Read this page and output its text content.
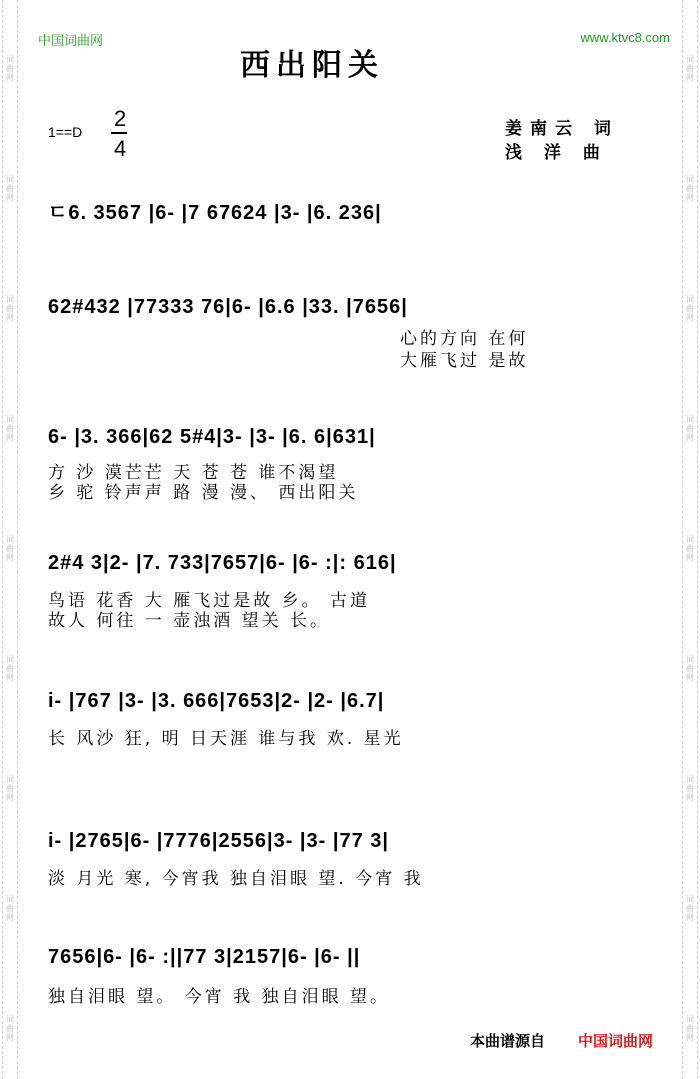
词曲网
词曲网
词曲网
词曲网
词曲网
词曲网
词曲网
词曲网
词曲网
词曲网
词曲网
词曲网
词曲网
词曲网
词曲网
词曲网
词曲网
词曲网
中国词曲网	www.ktvc8.com
西出阳关
1==D
2
4
姜南云 词
浅 洋 曲
ㄷ6. 3567 |6- |7 67624 |3- |6. 236|
62#432 |77333 76|6- |6.6 |33. |7656|
心的方向 在何
大雁飞过 是故
6- |3. 366|62 5#4|3- |3- |6. 6|631|
方 沙 漠芒芒 天 苍 苍 谁不渴望
乡 驼 铃声声 路 漫 漫、 西出阳关
2#4 3|2- |7. 733|7657|6- |6- :|: 616|
鸟语 花香 大 雁飞过是故 乡。 古道
故人 何往 一 壶浊酒 望关 长。
i- |767 |3- |3. 666|7653|2- |2- |6.7|
长 风沙 狂, 明 日天涯 谁与我 欢. 星光
i- |2765|6- |7776|2556|3- |3- |77 3|
淡 月光 寒, 今宵我 独自泪眼 望. 今宵 我
7656|6- |6- :||77 3|2157|6- |6- ||
独自泪眼 望。 今宵 我 独自泪眼 望。
本曲谱源自 中国词曲网
